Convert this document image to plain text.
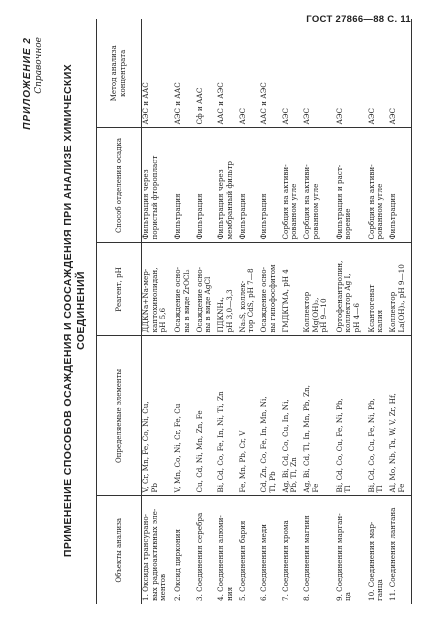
ГОСТ 27866—88 С. 11
ПРИЛОЖЕНИЕ 2 Справочное ПРИМЕНЕНИЕ СПОСОБОВ ОСАЖДЕНИЯ И СООСАЖДЕНИЯ ПРИ АНАЛИЗЕ ХИМИЧЕСКИХ СОЕДИНЕНИЙ
Объекты анализа	Определяемые элементы	Реагент, pH	Способ отделения осадка	Метод анализа концентрата
1. Оксиды трансурано-
вых радиоактивных эле-
ментов	V, Cr, Mn, Fe, Co, Ni, Cu,
Pb	ДДКNa+Na-мер-
каптохинолидан,
pH 5,6	Фильтрация через
пористый фторопласт	АЭС и ААС
2. Оксид циркония	V, Mn, Co, Ni, Cr, Fe, Cu	Осаждение осно-
вы в виде ZrOCl₂	Фильтрация	АЭС и ААС
3. Соединения серебра	Cu, Cd, Ni, Mn, Zn, Fe	Осаждение осно-
вы в виде AgCl	Фильтрация	Сф и ААС
4. Соединения алюми-
ния	Bi, Cd, Co, Fe, In, Ni, Ti, Zn	ПДКNH₄,
pH 3,0—3,3	Фильтрация через
мембранный фильтр	ААС и АЭС
5. Соединения бария	Fe, Mn, Pb, Cr, V	Na₂S, коллек-
тор CdS, pH 7—8	Фильтрация	АЭС
6. Соединения меди	Cd, Zn, Co, Fe, In, Mn, Ni,
Tl, Pb	Осаждение осно-
вы гипофосфитом	Фильтрация	ААС и АЭС
7. Соединения хрома	Ag, Bi, Cd, Co, Cu, In, Ni,
Pb, Tl, Zn	ГМДКГМА, pH 4	Сорбция на активи-
рованном угле	АЭС
8. Соединения магния	Ag, Bi, Cd, Tl, In, Mn, Pb, Zn,
Fe	Коллектор
Mg(OH)₂,
pH 9—10	Сорбция на активи-
рованном угле	АЭС
9. Соединения марган-
ца	Bi, Cd, Co, Cu, Fe, Ni, Pb,
Tl	Ортофенантролин,
коллектор Ag I,
pH 4—6	Фильтрация и раст-
ворение	АЭС
10. Соединения мар-
ганца	Bi, Cd, Co, Cu, Fe, Ni, Pb,
Tl	Ксантогенат
калия	Сорбция на активи-
рованном угле	АЭС
11. Соединения лантана	Al, Mo, Nb, Ta, W, V, Zr, Hf,
Fe	Коллектор
La(OH)₃, pH 9—10	Фильтрация	АЭС
